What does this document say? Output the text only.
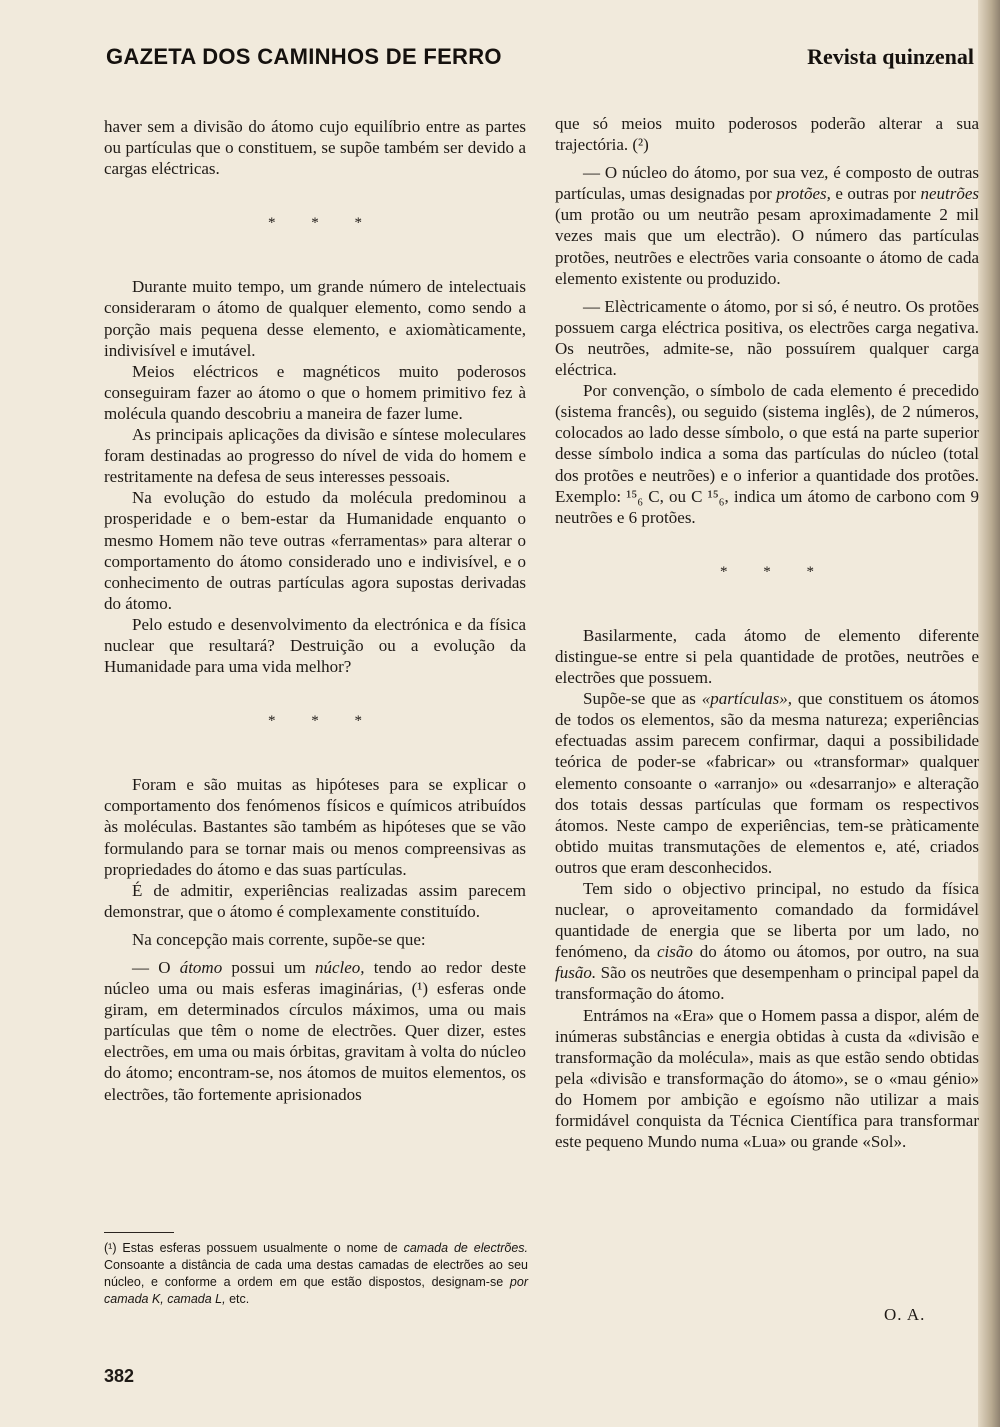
GAZETA DOS CAMINHOS DE FERRO	Revista quinzenal

haver sem a divisão do átomo cujo equilíbrio entre as partes ou partículas que o constituem, se supõe também ser devido a cargas eléctricas.

* * *

Durante muito tempo, um grande número de intelectuais consideraram o átomo de qualquer elemento, como sendo a porção mais pequena desse elemento, e axiomàticamente, indivisível e imutável.

Meios eléctricos e magnéticos muito poderosos conseguiram fazer ao átomo o que o homem primitivo fez à molécula quando descobriu a maneira de fazer lume.

As principais aplicações da divisão e síntese moleculares foram destinadas ao progresso do nível de vida do homem e restritamente na defesa de seus interesses pessoais.

Na evolução do estudo da molécula predominou a prosperidade e o bem-estar da Humanidade enquanto o mesmo Homem não teve outras «ferramentas» para alterar o comportamento do átomo considerado uno e indivisível, e o conhecimento de outras partículas agora supostas derivadas do átomo.

Pelo estudo e desenvolvimento da electrónica e da física nuclear que resultará? Destruição ou a evolução da Humanidade para uma vida melhor?

* * *

Foram e são muitas as hipóteses para se explicar o comportamento dos fenómenos físicos e químicos atribuídos às moléculas. Bastantes são também as hipóteses que se vão formulando para se tornar mais ou menos compreensivas as propriedades do átomo e das suas partículas.

É de admitir, experiências realizadas assim parecem demonstrar, que o átomo é complexamente constituído.

Na concepção mais corrente, supõe-se que:

— O átomo possui um núcleo, tendo ao redor deste núcleo uma ou mais esferas imaginárias, (¹) esferas onde giram, em determinados círculos máximos, uma ou mais partículas que têm o nome de electrões. Quer dizer, estes electrões, em uma ou mais órbitas, gravitam à volta do núcleo do átomo; encontram-se, nos átomos de muitos elementos, os electrões, tão fortemente aprisionados

(¹) Estas esferas possuem usualmente o nome de camada de electrões. Consoante a distância de cada uma destas camadas de electrões ao seu núcleo, e conforme a ordem em que estão dispostos, designam-se por camada K, camada L, etc.

que só meios muito poderosos poderão alterar a sua trajectória. (²)

— O núcleo do átomo, por sua vez, é composto de outras partículas, umas designadas por protões, e outras por neutrões (um protão ou um neutrão pesam aproximadamente 2 mil vezes mais que um electrão). O número das partículas protões, neutrões e electrões varia consoante o átomo de cada elemento existente ou produzido.

— Elèctricamente o átomo, por si só, é neutro. Os protões possuem carga eléctrica positiva, os electrões carga negativa. Os neutrões, admite-se, não possuírem qualquer carga eléctrica.

Por convenção, o símbolo de cada elemento é precedido (sistema francês), ou seguido (sistema inglês), de 2 números, colocados ao lado desse símbolo, o que está na parte superior desse símbolo indica a soma das partículas do núcleo (total dos protões e neutrões) e o inferior a quantidade dos protões. Exemplo: ¹⁵₆ C, ou C ¹⁵₆, indica um átomo de carbono com 9 neutrões e 6 protões.

* * *

Basilarmente, cada átomo de elemento diferente distingue-se entre si pela quantidade de protões, neutrões e electrões que possuem.

Supõe-se que as «partículas», que constituem os átomos de todos os elementos, são da mesma natureza; experiências efectuadas assim parecem confirmar, daqui a possibilidade teórica de poder-se «fabricar» ou «transformar» qualquer elemento consoante o «arranjo» ou «desarranjo» e alteração dos totais dessas partículas que formam os respectivos átomos. Neste campo de experiências, tem-se pràticamente obtido muitas transmutações de elementos e, até, criados outros que eram desconhecidos.

Tem sido o objectivo principal, no estudo da física nuclear, o aproveitamento comandado da formidável quantidade de energia que se liberta por um lado, no fenómeno, da cisão do átomo ou átomos, por outro, na sua fusão. São os neutrões que desempenham o principal papel da transformação do átomo.

Entrámos na «Era» que o Homem passa a dispor, além de inúmeras substâncias e energia obtidas à custa da «divisão e transformação da molécula», mais as que estão sendo obtidas pela «divisão e transformação do átomo», se o «mau génio» do Homem por ambição e egoísmo não utilizar a mais formidável conquista da Técnica Científica para transformar este pequeno Mundo numa «Lua» ou grande «Sol».

O. A.
382
